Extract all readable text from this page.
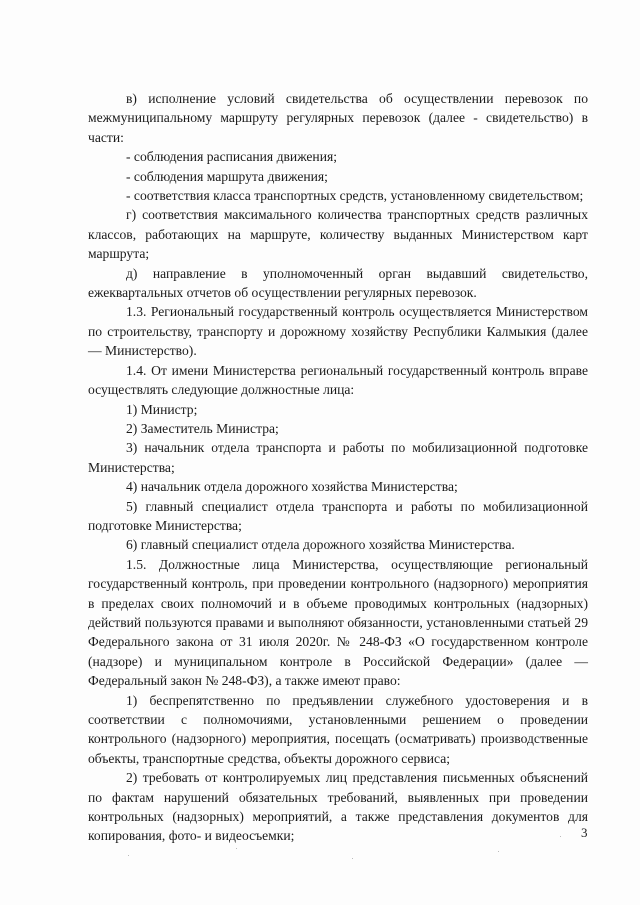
в) исполнение условий свидетельства об осуществлении перевозок по межмуниципальному маршруту регулярных перевозок (далее - свидетельство) в части:

- соблюдения расписания движения;

- соблюдения маршрута движения;

- соответствия класса транспортных средств, установленному свидетельством;

г) соответствия максимального количества транспортных средств различных классов, работающих на маршруте, количеству выданных Министерством карт маршрута;

д) направление в уполномоченный орган выдавший свидетельство, ежеквартальных отчетов об осуществлении регулярных перевозок.

1.3. Региональный государственный контроль осуществляется Министерством по строительству, транспорту и дорожному хозяйству Республики Калмыкия (далее — Министерство).

1.4. От имени Министерства региональный государственный контроль вправе осуществлять следующие должностные лица:

1) Министр;

2) Заместитель Министра;

3) начальник отдела транспорта и работы по мобилизационной подготовке Министерства;

4) начальник отдела дорожного хозяйства Министерства;

5) главный специалист отдела транспорта и работы по мобилизационной подготовке Министерства;

6) главный специалист отдела дорожного хозяйства Министерства.

1.5. Должностные лица Министерства, осуществляющие региональный государственный контроль, при проведении контрольного (надзорного) мероприятия в пределах своих полномочий и в объеме проводимых контрольных (надзорных) действий пользуются правами и выполняют обязанности, установленными статьей 29 Федерального закона от 31 июля 2020г. № 248-ФЗ «О государственном контроле (надзоре) и муниципальном контроле в Российской Федерации» (далее — Федеральный закон № 248-ФЗ), а также имеют право:

1) беспрепятственно по предъявлении служебного удостоверения и в соответствии с полномочиями, установленными решением о проведении контрольного (надзорного) мероприятия, посещать (осматривать) производственные объекты, транспортные средства, объекты дорожного сервиса;

2) требовать от контролируемых лиц представления письменных объяснений по фактам нарушений обязательных требований, выявленных при проведении контрольных (надзорных) мероприятий, а также представления документов для копирования, фото- и видеосъемки;	3
